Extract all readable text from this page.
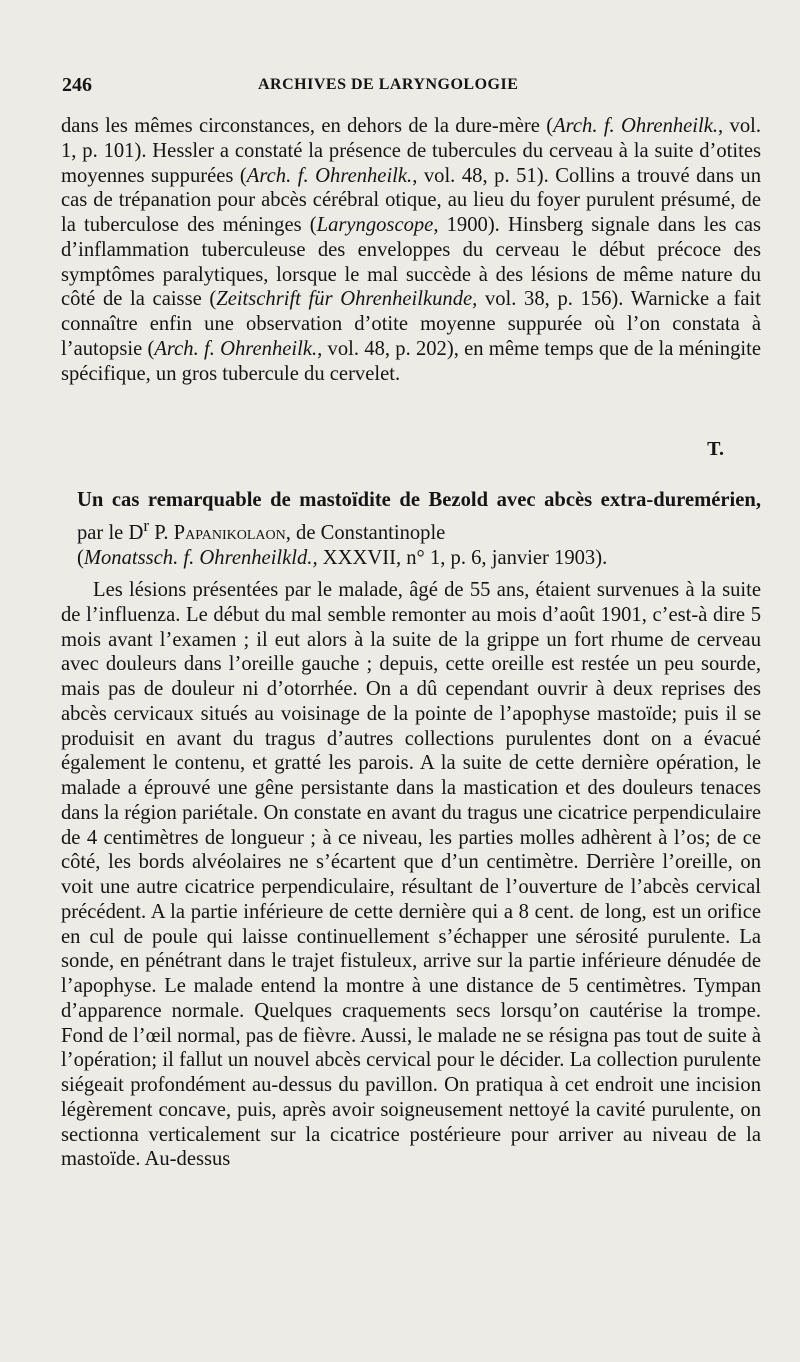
246	ARCHIVES DE LARYNGOLOGIE

dans les mêmes circonstances, en dehors de la dure-mère (Arch. f. Ohrenheilk., vol. 1, p. 101). Hessler a constaté la présence de tubercules du cerveau à la suite d’otites moyennes suppurées (Arch. f. Ohrenheilk., vol. 48, p. 51). Collins a trouvé dans un cas de trépanation pour abcès cérébral otique, au lieu du foyer purulent présumé, de la tuberculose des méninges (Laryngoscope, 1900). Hinsberg signale dans les cas d’inflammation tuberculeuse des enveloppes du cerveau le début précoce des symptômes paralytiques, lorsque le mal succède à des lésions de même nature du côté de la caisse (Zeitschrift für Ohrenheilkunde, vol. 38, p. 156). Warnicke a fait connaître enfin une observation d’otite moyenne suppurée où l’on constata à l’autopsie (Arch. f. Ohrenheilk., vol. 48, p. 202), en même temps que de la méningite spécifique, un gros tubercule du cervelet.

T.
Un cas remarquable de mastoïdite de Bezold avec abcès extra-duremérien, par le $D^r$ P. Papanikolaon, de Constantinople
(Monatssch. f. Ohrenheilkld., XXXVII, n° 1, p. 6, janvier 1903).

Les lésions présentées par le malade, âgé de 55 ans, étaient survenues à la suite de l’influenza. Le début du mal semble remonter au mois d’août 1901, c’est-à dire 5 mois avant l’examen ; il eut alors à la suite de la grippe un fort rhume de cerveau avec douleurs dans l’oreille gauche ; depuis, cette oreille est restée un peu sourde, mais pas de douleur ni d’otorrhée. On a dû cependant ouvrir à deux reprises des abcès cervicaux situés au voisinage de la pointe de l’apophyse mastoïde; puis il se produisit en avant du tragus d’autres collections purulentes dont on a évacué également le contenu, et gratté les parois. A la suite de cette dernière opération, le malade a éprouvé une gêne persistante dans la mastication et des douleurs tenaces dans la région pariétale. On constate en avant du tragus une cicatrice perpendiculaire de 4 centimètres de longueur ; à ce niveau, les parties molles adhèrent à l’os; de ce côté, les bords alvéolaires ne s’écartent que d’un centimètre. Derrière l’oreille, on voit une autre cicatrice perpendiculaire, résultant de l’ouverture de l’abcès cervical précédent. A la partie inférieure de cette dernière qui a 8 cent. de long, est un orifice en cul de poule qui laisse continuellement s’échapper une sérosité purulente. La sonde, en pénétrant dans le trajet fistuleux, arrive sur la partie inférieure dénudée de l’apophyse. Le malade entend la montre à une distance de 5 centimètres. Tympan d’apparence normale. Quelques craquements secs lorsqu’on cautérise la trompe. Fond de l’œil normal, pas de fièvre. Aussi, le malade ne se résigna pas tout de suite à l’opération; il fallut un nouvel abcès cervical pour le décider. La collection purulente siégeait profondément au-dessus du pavillon. On pratiqua à cet endroit une incision légèrement concave, puis, après avoir soigneusement nettoyé la cavité purulente, on sectionna verticalement sur la cicatrice postérieure pour arriver au niveau de la mastoïde. Au-dessus
